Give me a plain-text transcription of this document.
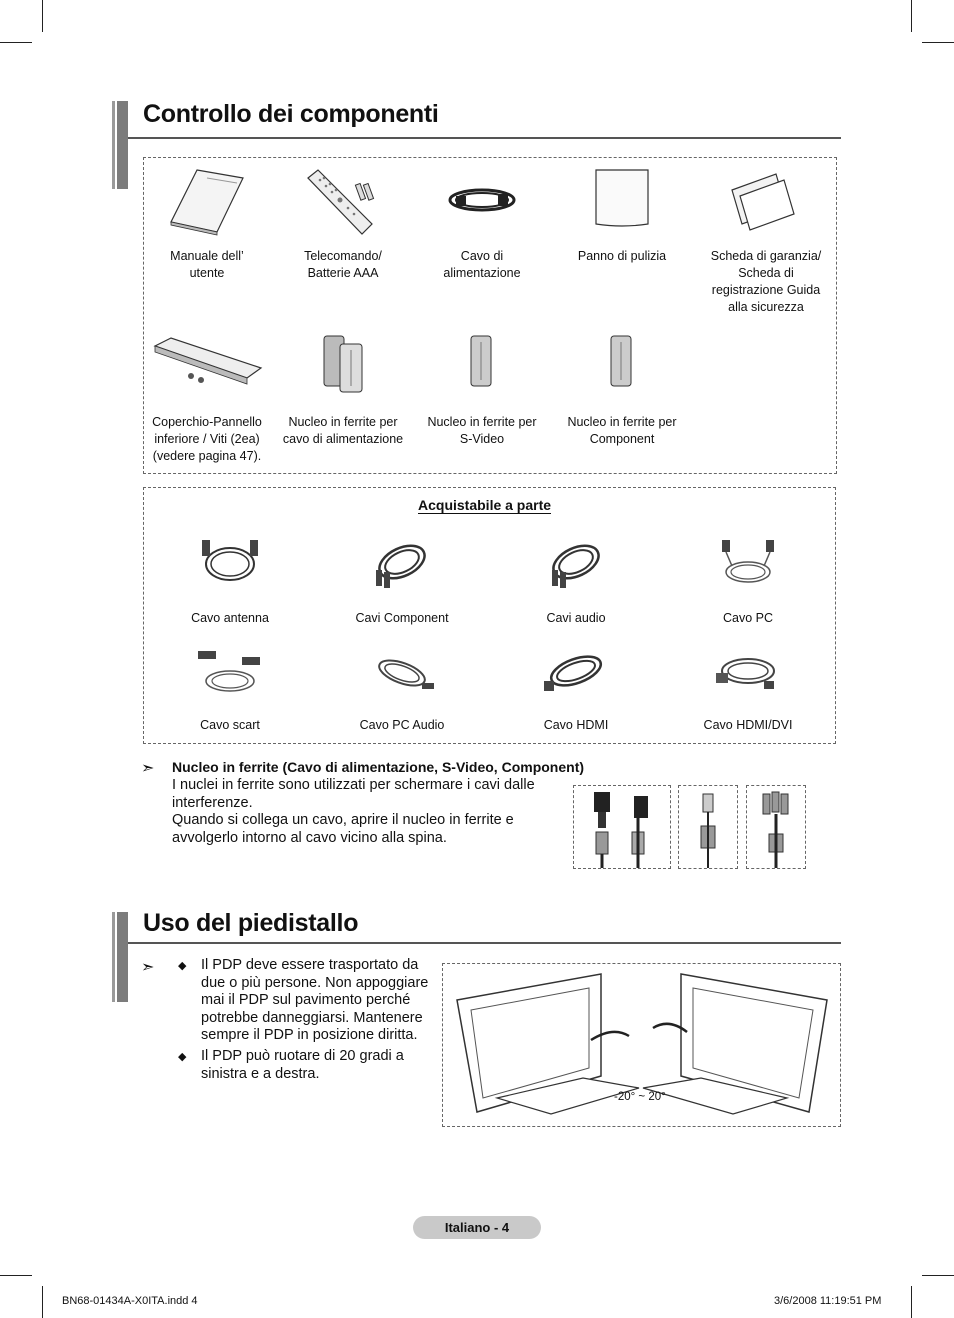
Controllo dei componenti
Manuale dell’ utente
Telecomando/ Batterie AAA
Cavo di alimentazione
Panno di pulizia	Scheda di garanzia/ Scheda di registrazione Guida alla sicurezza
Coperchio-Pannello inferiore / Viti (2ea) (vedere pagina 47).
Nucleo in ferrite per cavo di alimentazione
Nucleo in ferrite per S-Video
Nucleo in ferrite per Component
Acquistabile a parte
Cavo antenna	Cavi Component	Cavi audio	Cavo PC
Cavo scart	Cavo PC Audio	Cavo HDMI	Cavo HDMI/DVI
➣ Nucleo in ferrite (Cavo di alimentazione, S-Video, Component)
I nuclei in ferrite sono utilizzati per schermare i cavi dalle interferenze.
Quando si collega un cavo, aprire il nucleo in ferrite e avvolgerlo intorno al cavo vicino alla spina.
Uso del piedistallo
➣ ◆ Il PDP deve essere trasportato da due o più persone. Non appoggiare mai il PDP sul pavimento perché potrebbe danneggiarsi. Mantenere sempre il PDP in posizione diritta.
◆ Il PDP può ruotare di 20 gradi a sinistra e a destra.
-20° ~ 20°
Italiano - 4
BN68-01434A-X0ITA.indd 4	3/6/2008 11:19:51 PM
